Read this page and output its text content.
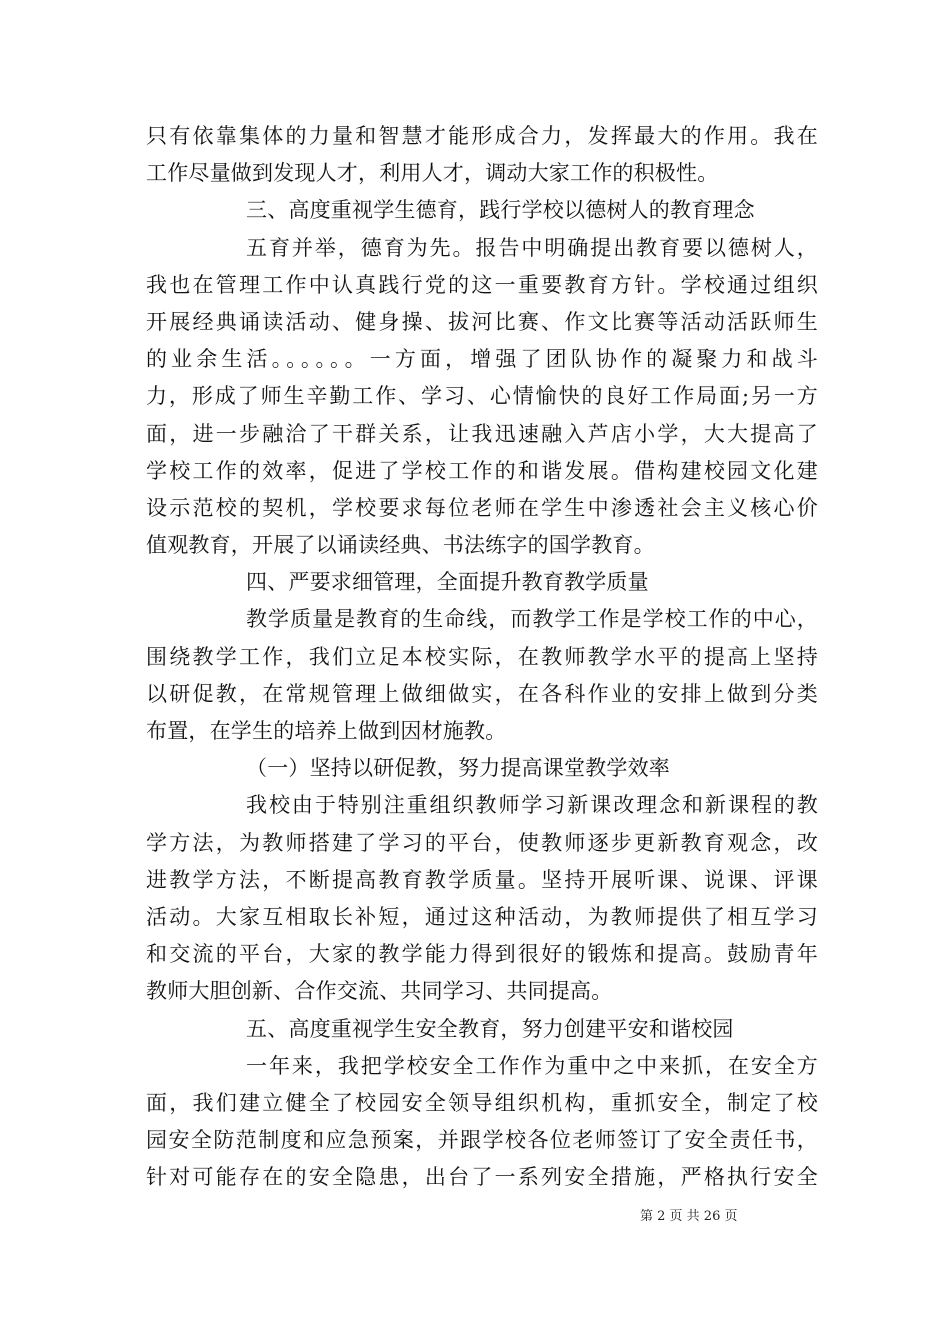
只有依靠集体的力量和智慧才能形成合力，发挥最大的作用。我在
工作尽量做到发现人才，利用人才，调动大家工作的积极性。
三、高度重视学生德育，践行学校以德树人的教育理念
五育并举，德育为先。报告中明确提出教育要以德树人，
我也在管理工作中认真践行党的这一重要教育方针。学校通过组织
开展经典诵读活动、健身操、拔河比赛、作文比赛等活动活跃师生
的业余生活。。。。。。一方面，增强了团队协作的凝聚力和战斗
力，形成了师生辛勤工作、学习、心情愉快的良好工作局面;另一方
面，进一步融洽了干群关系，让我迅速融入芦店小学，大大提高了
学校工作的效率，促进了学校工作的和谐发展。借构建校园文化建
设示范校的契机，学校要求每位老师在学生中渗透社会主义核心价
值观教育，开展了以诵读经典、书法练字的国学教育。
四、严要求细管理，全面提升教育教学质量
教学质量是教育的生命线，而教学工作是学校工作的中心，
围绕教学工作，我们立足本校实际，在教师教学水平的提高上坚持
以研促教，在常规管理上做细做实，在各科作业的安排上做到分类
布置，在学生的培养上做到因材施教。
（一）坚持以研促教，努力提高课堂教学效率
我校由于特别注重组织教师学习新课改理念和新课程的教
学方法，为教师搭建了学习的平台，使教师逐步更新教育观念，改
进教学方法，不断提高教育教学质量。坚持开展听课、说课、评课
活动。大家互相取长补短，通过这种活动，为教师提供了相互学习
和交流的平台，大家的教学能力得到很好的锻炼和提高。鼓励青年
教师大胆创新、合作交流、共同学习、共同提高。
五、高度重视学生安全教育，努力创建平安和谐校园
一年来，我把学校安全工作作为重中之中来抓，在安全方
面，我们建立健全了校园安全领导组织机构，重抓安全，制定了校
园安全防范制度和应急预案，并跟学校各位老师签订了安全责任书，
针对可能存在的安全隐患，出台了一系列安全措施，严格执行安全
第 2 页 共 26 页
